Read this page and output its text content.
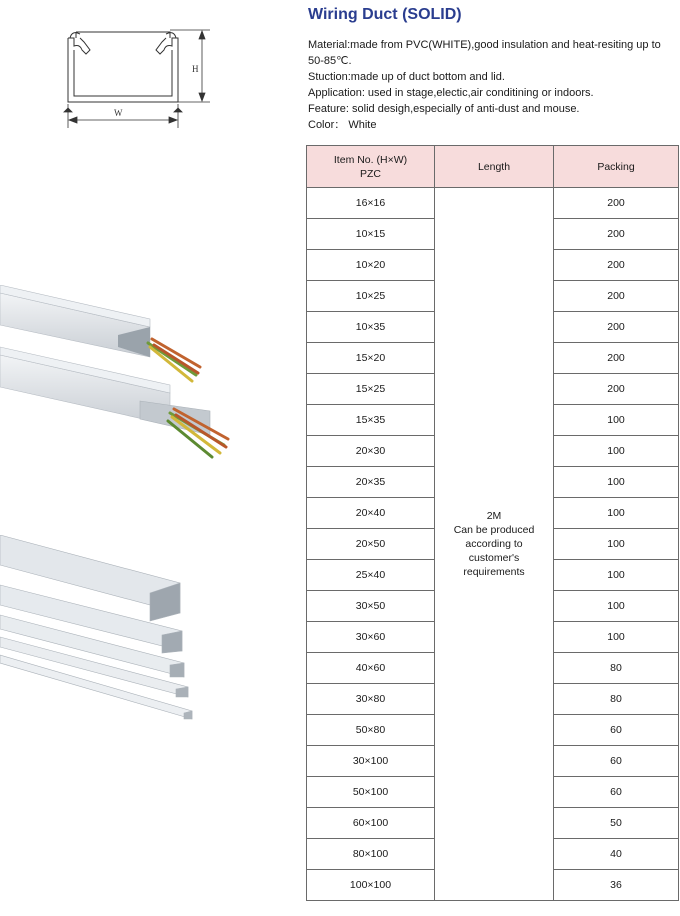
Wiring Duct (SOLID)
Material:made from PVC(WHITE),good insulation and heat-resiting up to 50-85℃.
Stuction:made up of duct bottom and lid.
Application: used in stage,electic,air conditining or indoors.
Feature: solid desigh,especially of anti-dust and mouse.
Color： White
H
W
Item No. (H×W)
PZC	Length	Packing
16×16	2M
Can be produced
according to
customer's
requirements	200
10×15		200
10×20		200
10×25		200
10×35		200
15×20		200
15×25		200
15×35		100
20×30		100
20×35		100
20×40		100
20×50		100
25×40		100
30×50		100
30×60		100
40×60		80
30×80		80
50×80		60
30×100		60
50×100		60
60×100		50
80×100		40
100×100		36
